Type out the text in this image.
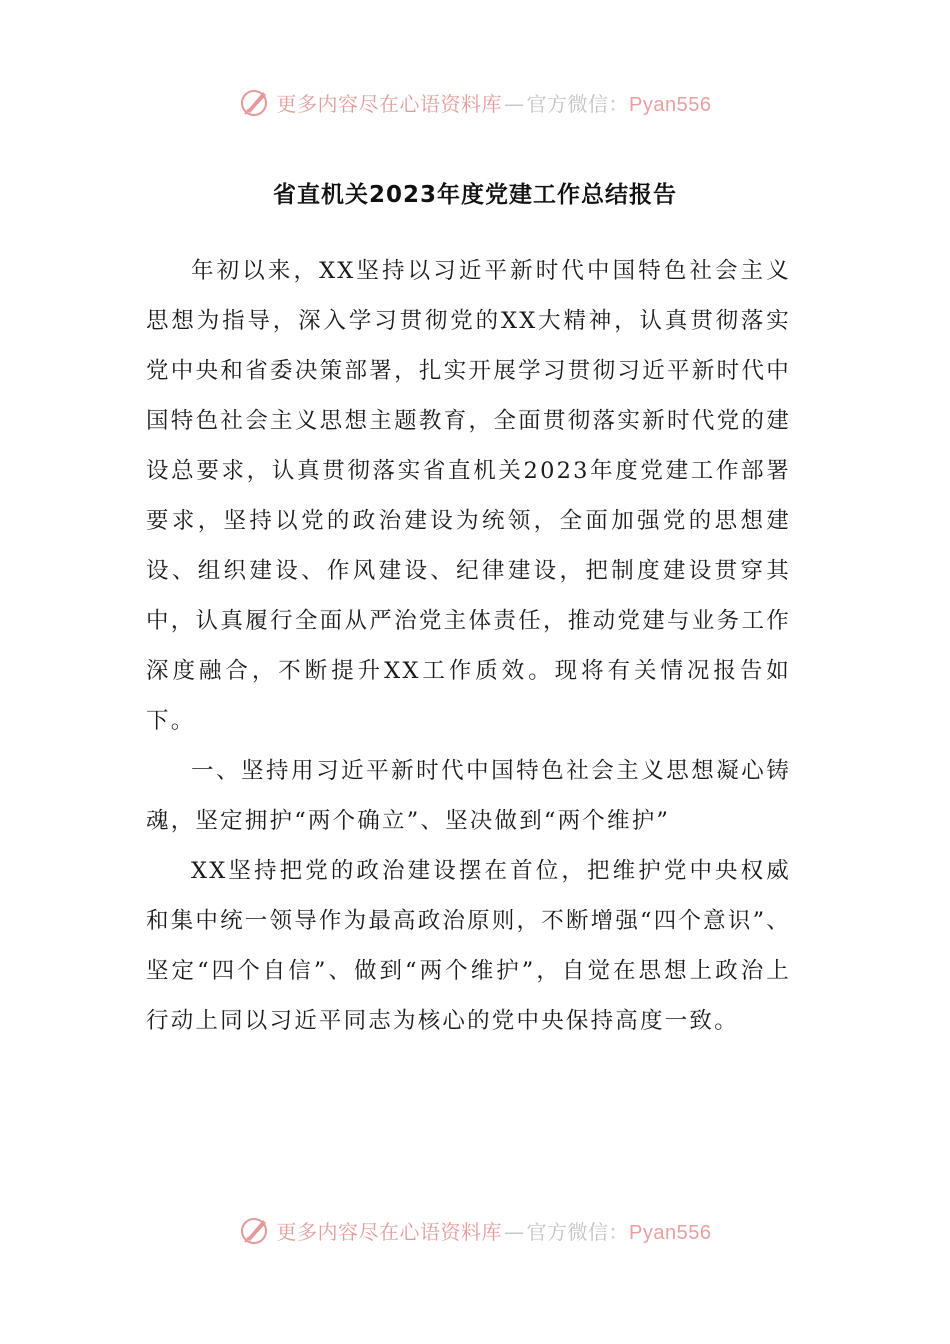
更多内容尽在心语资料库 — 官方微信：Pyan556
省直机关2023年度党建工作总结报告

年初以来，XX坚持以习近平新时代中国特色社会主义思想为指导，深入学习贯彻党的XX大精神，认真贯彻落实党中央和省委决策部署，扎实开展学习贯彻习近平新时代中国特色社会主义思想主题教育，全面贯彻落实新时代党的建设总要求，认真贯彻落实省直机关2023年度党建工作部署要求，坚持以党的政治建设为统领，全面加强党的思想建设、组织建设、作风建设、纪律建设，把制度建设贯穿其中，认真履行全面从严治党主体责任，推动党建与业务工作深度融合，不断提升XX工作质效。现将有关情况报告如下。

一、坚持用习近平新时代中国特色社会主义思想凝心铸魂，坚定拥护“两个确立”、坚决做到“两个维护”

XX坚持把党的政治建设摆在首位，把维护党中央权威和集中统一领导作为最高政治原则，不断增强“四个意识”、坚定“四个自信”、做到“两个维护”，自觉在思想上政治上行动上同以习近平同志为核心的党中央保持高度一致。

更多内容尽在心语资料库 — 官方微信：Pyan556
